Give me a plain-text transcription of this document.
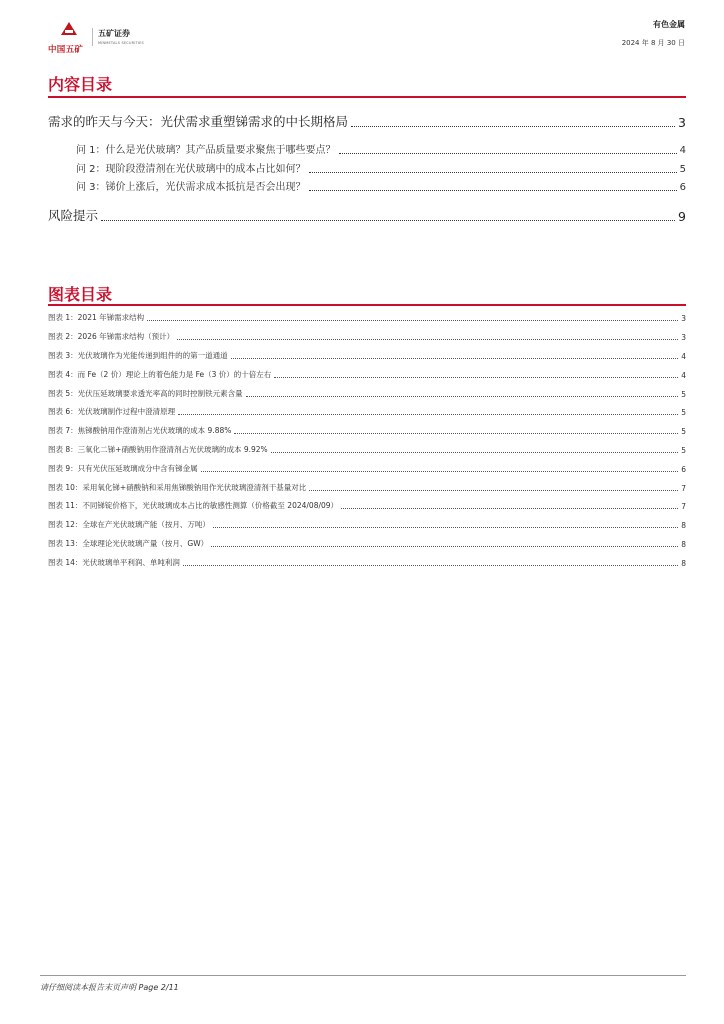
中国五矿
五矿证券
MINMETALS SECURITIES
有色金属
2024 年 8 月 30 日
内容目录
需求的昨天与今天：光伏需求重塑锑需求的中长期格局	3
问 1：什么是光伏玻璃？其产品质量要求聚焦于哪些要点？	4
问 2：现阶段澄清剂在光伏玻璃中的成本占比如何？	5
问 3：锑价上涨后，光伏需求成本抵抗是否会出现？	6
风险提示	9
图表目录
图表 1：2021 年锑需求结构	3
图表 2：2026 年锑需求结构（预计）	3
图表 3：光伏玻璃作为光能传递到组件的的第一道通道	4
图表 4：而 Fe（2 价）理论上的着色能力是 Fe（3 价）的十倍左右	4
图表 5：光伏压延玻璃要求透光率高的同时控制铁元素含量	5
图表 6：光伏玻璃制作过程中澄清原理	5
图表 7：焦锑酸钠用作澄清剂占光伏玻璃的成本 9.88%	5
图表 8：三氧化二锑+硝酸钠用作澄清剂占光伏玻璃的成本 9.92%	5
图表 9：只有光伏压延玻璃成分中含有锑金属	6
图表 10：采用氧化锑+硝酸钠和采用焦锑酸钠用作光伏玻璃澄清剂干基量对比	7
图表 11：不同锑锭价格下，光伏玻璃成本占比的敏感性测算（价格截至 2024/08/09）	7
图表 12：全球在产光伏玻璃产能（按月、万吨）	8
图表 13：全球理论光伏玻璃产量（按月、GW）	8
图表 14：光伏玻璃单平利润、单吨利润	8
请仔细阅读本报告末页声明 Page 2/11
